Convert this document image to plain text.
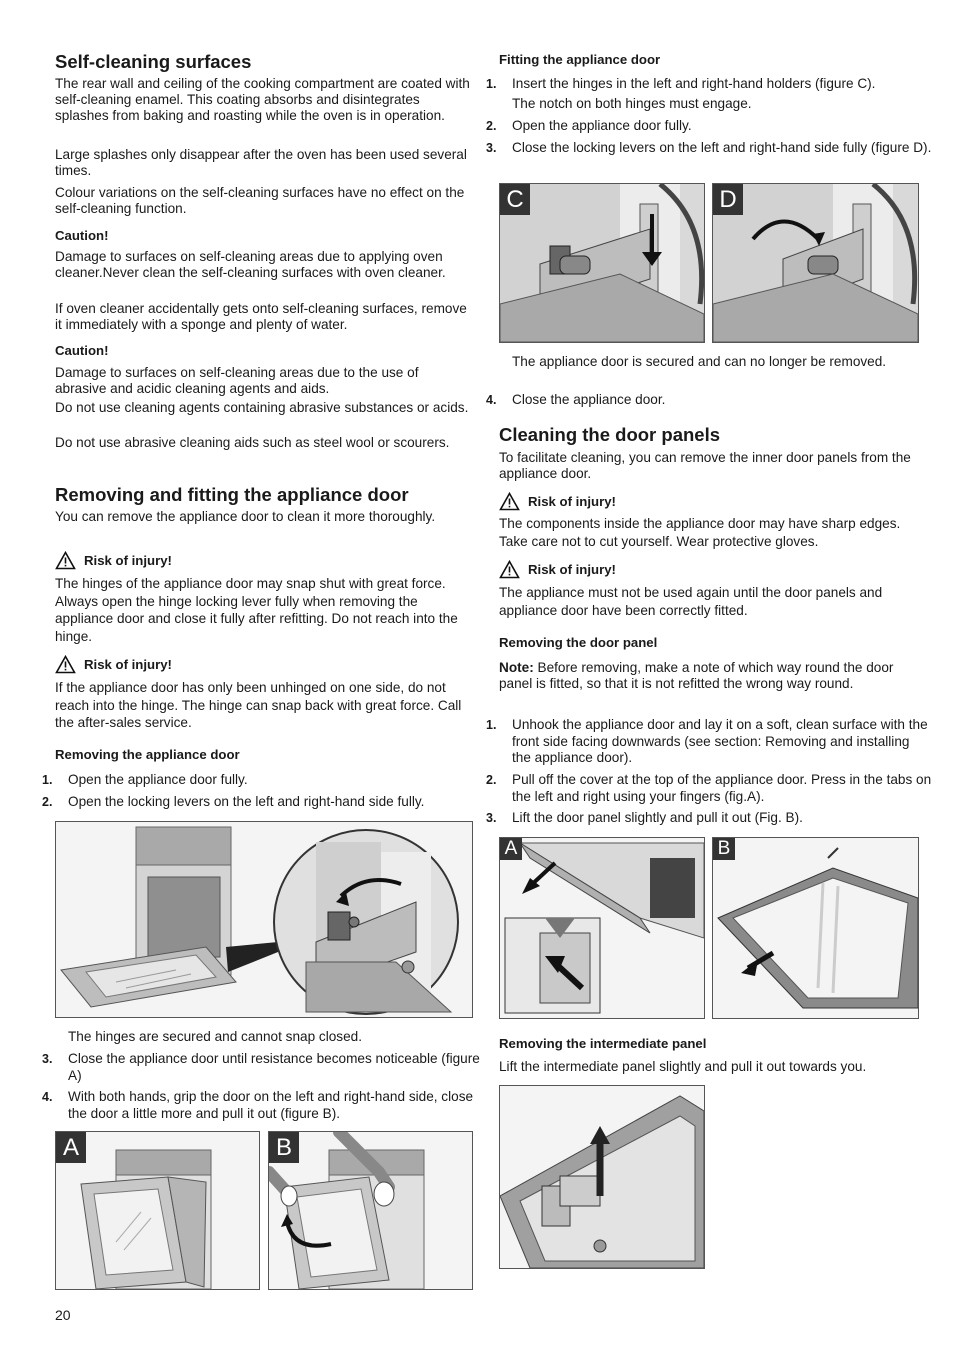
Self-cleaning surfaces

The rear wall and ceiling of the cooking compartment are coated with self-cleaning enamel. This coating absorbs and disintegrates splashes from baking and roasting while the oven is in operation.

Large splashes only disappear after the oven has been used several times.

Colour variations on the self-cleaning surfaces have no effect on the self-cleaning function.

Caution!

Damage to surfaces on self-cleaning areas due to applying oven cleaner.Never clean the self-cleaning surfaces with oven cleaner.

If oven cleaner accidentally gets onto self-cleaning surfaces, remove it immediately with a sponge and plenty of water.

Caution!

Damage to surfaces on self-cleaning areas due to the use of abrasive and acidic cleaning agents and aids.

Do not use cleaning agents containing abrasive substances or acids.

Do not use abrasive cleaning aids such as steel wool or scourers.

Removing and fitting the appliance door

You can remove the appliance door to clean it more thoroughly.

Risk of injury!

The hinges of the appliance door may snap shut with great force. Always open the hinge locking lever fully when removing the appliance door and close it fully after refitting. Do not reach into the hinge.

Risk of injury!

If the appliance door has only been unhinged on one side, do not reach into the hinge. The hinge can snap back with great force. Call the after-sales service.

Removing the appliance door

1. Open the appliance door fully.

2. Open the locking levers on the left and right-hand side fully.

The hinges are secured and cannot snap closed.

3. Close the appliance door until resistance becomes noticeable (figure A)

4. With both hands, grip the door on the left and right-hand side, close the door a little more and pull it out (figure B).

A	B
Fitting the appliance door

1. Insert the hinges in the left and right-hand holders (figure C).

The notch on both hinges must engage.

2. Open the appliance door fully.

3. Close the locking levers on the left and right-hand side fully (figure D).

C	D

The appliance door is secured and can no longer be removed.

4. Close the appliance door.

Cleaning the door panels

To facilitate cleaning, you can remove the inner door panels from the appliance door.

Risk of injury!

The components inside the appliance door may have sharp edges. Take care not to cut yourself. Wear protective gloves.

Risk of injury!

The appliance must not be used again until the door panels and appliance door have been correctly fitted.

Removing the door panel

Note: Before removing, make a note of which way round the door panel is fitted, so that it is not refitted the wrong way round.

1. Unhook the appliance door and lay it on a soft, clean surface with the front side facing downwards (see section: Removing and installing the appliance door).

2. Pull off the cover at the top of the appliance door. Press in the tabs on the left and right using your fingers (fig.A).

3. Lift the door panel slightly and pull it out (Fig. B).

A	B
Removing the intermediate panel

Lift the intermediate panel slightly and pull it out towards you.

20
